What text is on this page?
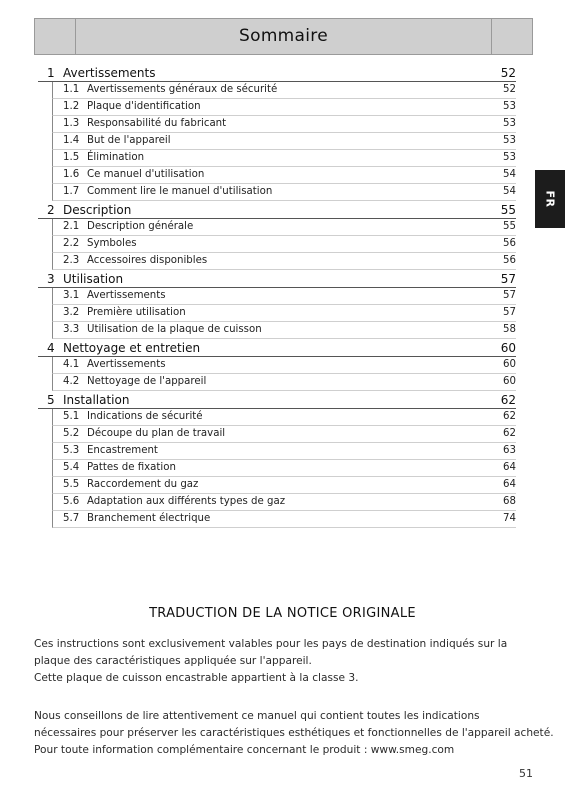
Sommaire
FR
1 Avertissements	52
1.1 Avertissements généraux de sécurité	52
1.2 Plaque d'identification	53
1.3 Responsabilité du fabricant	53
1.4 But de l'appareil	53
1.5 Élimination	53
1.6 Ce manuel d'utilisation	54
1.7 Comment lire le manuel d'utilisation	54
2 Description	55
2.1 Description générale	55
2.2 Symboles	56
2.3 Accessoires disponibles	56
3 Utilisation	57
3.1 Avertissements	57
3.2 Première utilisation	57
3.3 Utilisation de la plaque de cuisson	58
4 Nettoyage et entretien	60
4.1 Avertissements	60
4.2 Nettoyage de l'appareil	60
5 Installation	62
5.1 Indications de sécurité	62
5.2 Découpe du plan de travail	62
5.3 Encastrement	63
5.4 Pattes de fixation	64
5.5 Raccordement du gaz	64
5.6 Adaptation aux différents types de gaz	68
5.7 Branchement électrique	74
TRADUCTION DE LA NOTICE ORIGINALE
Ces instructions sont exclusivement valables pour les pays de destination indiqués sur la
plaque des caractéristiques appliquée sur l'appareil.
Cette plaque de cuisson encastrable appartient à la classe 3.
Nous conseillons de lire attentivement ce manuel qui contient toutes les indications
nécessaires pour préserver les caractéristiques esthétiques et fonctionnelles de l'appareil acheté.
Pour toute information complémentaire concernant le produit : www.smeg.com
51
